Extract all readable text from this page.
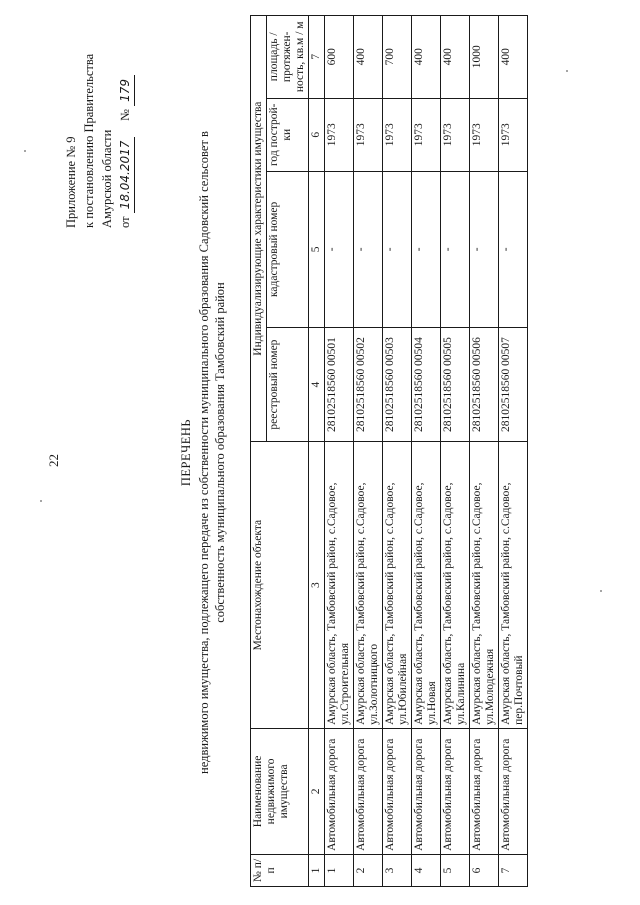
22
Приложение № 9 к постановлению Правительства Амурской области от 18.04.2017     № 179
ПЕРЕЧЕНЬ недвижимого имущества, подлежащего передаче из собственности муниципального образования Садовский сельсовет в собственность муниципального образования Тамбовский район
№ п/п	Наименование недвижимого имущества	Местонахождение объекта	Индивидуализирующие характеристики имущества			
			реестровый номер	кадастровый номер	год построй-ки	площадь / протяжен-ность, кв.м / м
1	2	3	4	5	6	7
1	Автомобильная дорога	Амурская область, Тамбовский район, с.Садовое, ул.Строительная	28102518560 00501	-	1973	600
2	Автомобильная дорога	Амурская область, Тамбовский район, с.Садовое, ул.Золотницкого	28102518560 00502	-	1973	400
3	Автомобильная дорога	Амурская область, Тамбовский район, с.Садовое, ул.Юбилейная	28102518560 00503	-	1973	700
4	Автомобильная дорога	Амурская область, Тамбовский район, с.Садовое, ул.Новая	28102518560 00504	-	1973	400
5	Автомобильная дорога	Амурская область, Тамбовский район, с.Садовое, ул.Калинина	28102518560 00505	-	1973	400
6	Автомобильная дорога	Амурская область, Тамбовский район, с.Садовое, ул.Молодежная	28102518560 00506	-	1973	1000
7	Автомобильная дорога	Амурская область, Тамбовский район, с.Садовое, пер.Почтовый	28102518560 00507	-	1973	400
